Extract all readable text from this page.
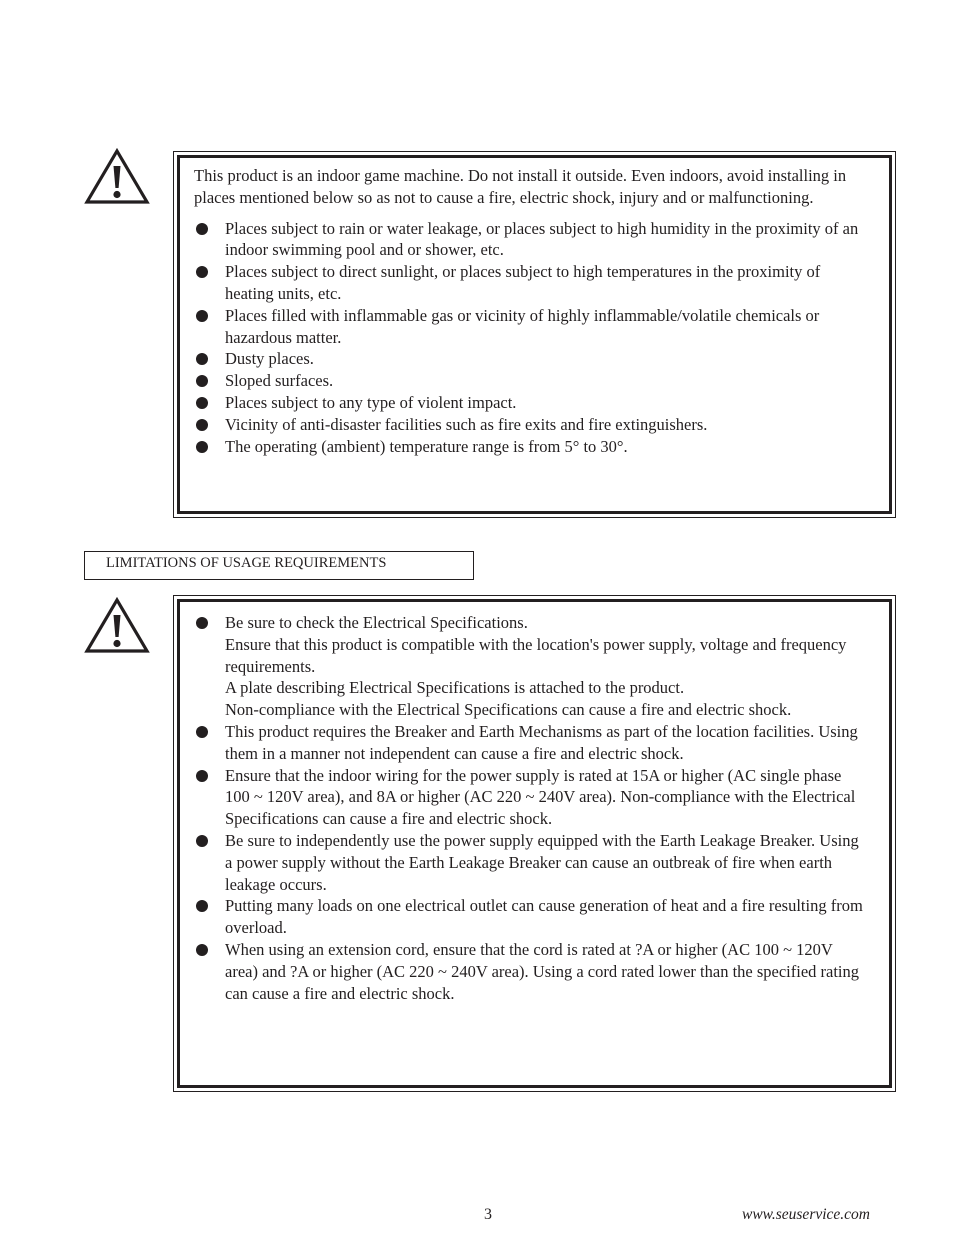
This product is an indoor game machine. Do not install it outside. Even indoors, avoid installing in places mentioned below so as not to cause a fire, electric shock, injury and or malfunctioning.

Places subject to rain or water leakage, or places subject to high humidity in the proximity of an indoor swimming pool and or shower, etc.
Places subject to direct sunlight, or places subject to high temperatures in the proximity of heating units, etc.
Places filled with inflammable gas or vicinity of highly inflammable/volatile chemicals or hazardous matter.
Dusty places.
Sloped surfaces.
Places subject to any type of violent impact.
Vicinity of anti-disaster facilities such as fire exits and fire extinguishers.
The operating (ambient) temperature range is from 5° to 30°.
LIMITATIONS OF USAGE REQUIREMENTS
Be sure to check the Electrical Specifications.
Ensure that this product is compatible with the location's power supply, voltage and frequency requirements.
A plate describing Electrical Specifications is attached to the product.
Non-compliance with the Electrical Specifications can cause a fire and electric shock.
This product requires the Breaker and Earth Mechanisms as part of the location facilities. Using them in a manner not independent can cause a fire and electric shock.
Ensure that the indoor wiring for the power supply is rated at 15A or higher (AC single phase 100 ~ 120V area), and 8A or higher (AC 220 ~ 240V area). Non-compliance with the Electrical Specifications can cause a fire and electric shock.
Be sure to independently use the power supply equipped with the Earth Leakage Breaker. Using a power supply without the Earth Leakage Breaker can cause an outbreak of fire when earth leakage occurs.
Putting many loads on one electrical outlet can cause generation of heat and a fire resulting from overload.
When using an extension cord, ensure that the cord is rated at ?A or higher (AC 100 ~ 120V area) and ?A or higher (AC 220 ~ 240V area). Using a cord rated lower than the specified rating can cause a fire and electric shock.
3	www.seuservice.com
